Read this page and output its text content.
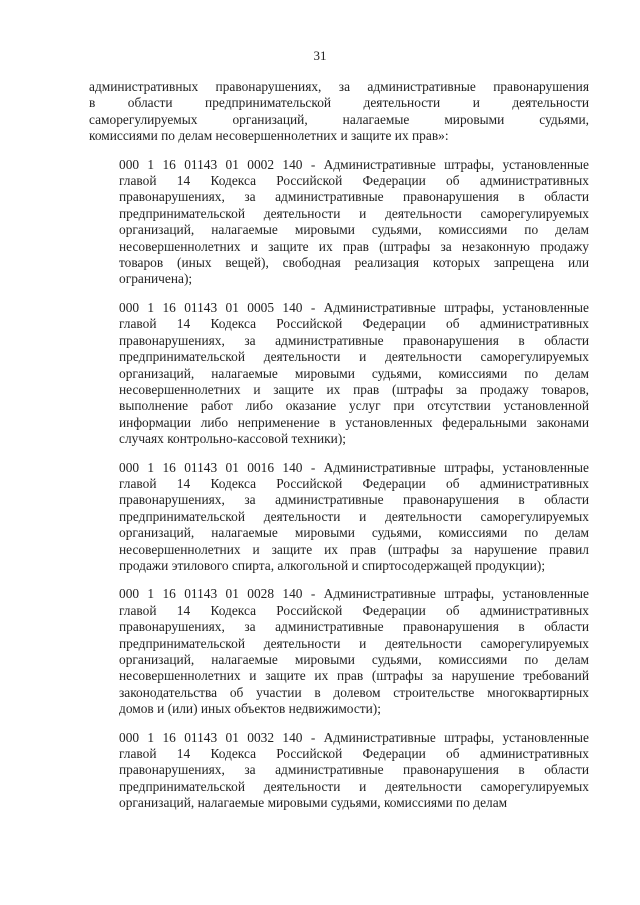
31

административных правонарушениях, за административные правонарушения
в области предпринимательской деятельности и деятельности
саморегулируемых организаций, налагаемые мировыми судьями,
комиссиями по делам несовершеннолетних и защите их прав»:

000 1 16 01143 01 0002 140 - Административные штрафы, установленные
главой 14 Кодекса Российской Федерации об административных
правонарушениях, за административные правонарушения в области
предпринимательской деятельности и деятельности саморегулируемых
организаций, налагаемые мировыми судьями, комиссиями по делам
несовершеннолетних и защите их прав (штрафы за незаконную продажу
товаров (иных вещей), свободная реализация которых запрещена или
ограничена);

000 1 16 01143 01 0005 140 - Административные штрафы, установленные
главой 14 Кодекса Российской Федерации об административных
правонарушениях, за административные правонарушения в области
предпринимательской деятельности и деятельности саморегулируемых
организаций, налагаемые мировыми судьями, комиссиями по делам
несовершеннолетних и защите их прав (штрафы за продажу товаров,
выполнение работ либо оказание услуг при отсутствии установленной
информации либо неприменение в установленных федеральными законами
случаях контрольно-кассовой техники);

000 1 16 01143 01 0016 140 - Административные штрафы, установленные
главой 14 Кодекса Российской Федерации об административных
правонарушениях, за административные правонарушения в области
предпринимательской деятельности и деятельности саморегулируемых
организаций, налагаемые мировыми судьями, комиссиями по делам
несовершеннолетних и защите их прав (штрафы за нарушение правил
продажи этилового спирта, алкогольной и спиртосодержащей продукции);

000 1 16 01143 01 0028 140 - Административные штрафы, установленные
главой 14 Кодекса Российской Федерации об административных
правонарушениях, за административные правонарушения в области
предпринимательской деятельности и деятельности саморегулируемых
организаций, налагаемые мировыми судьями, комиссиями по делам
несовершеннолетних и защите их прав (штрафы за нарушение требований
законодательства об участии в долевом строительстве многоквартирных
домов и (или) иных объектов недвижимости);

000 1 16 01143 01 0032 140 - Административные штрафы, установленные
главой 14 Кодекса Российской Федерации об административных
правонарушениях, за административные правонарушения в области
предпринимательской деятельности и деятельности саморегулируемых
организаций, налагаемые мировыми судьями, комиссиями по делам
